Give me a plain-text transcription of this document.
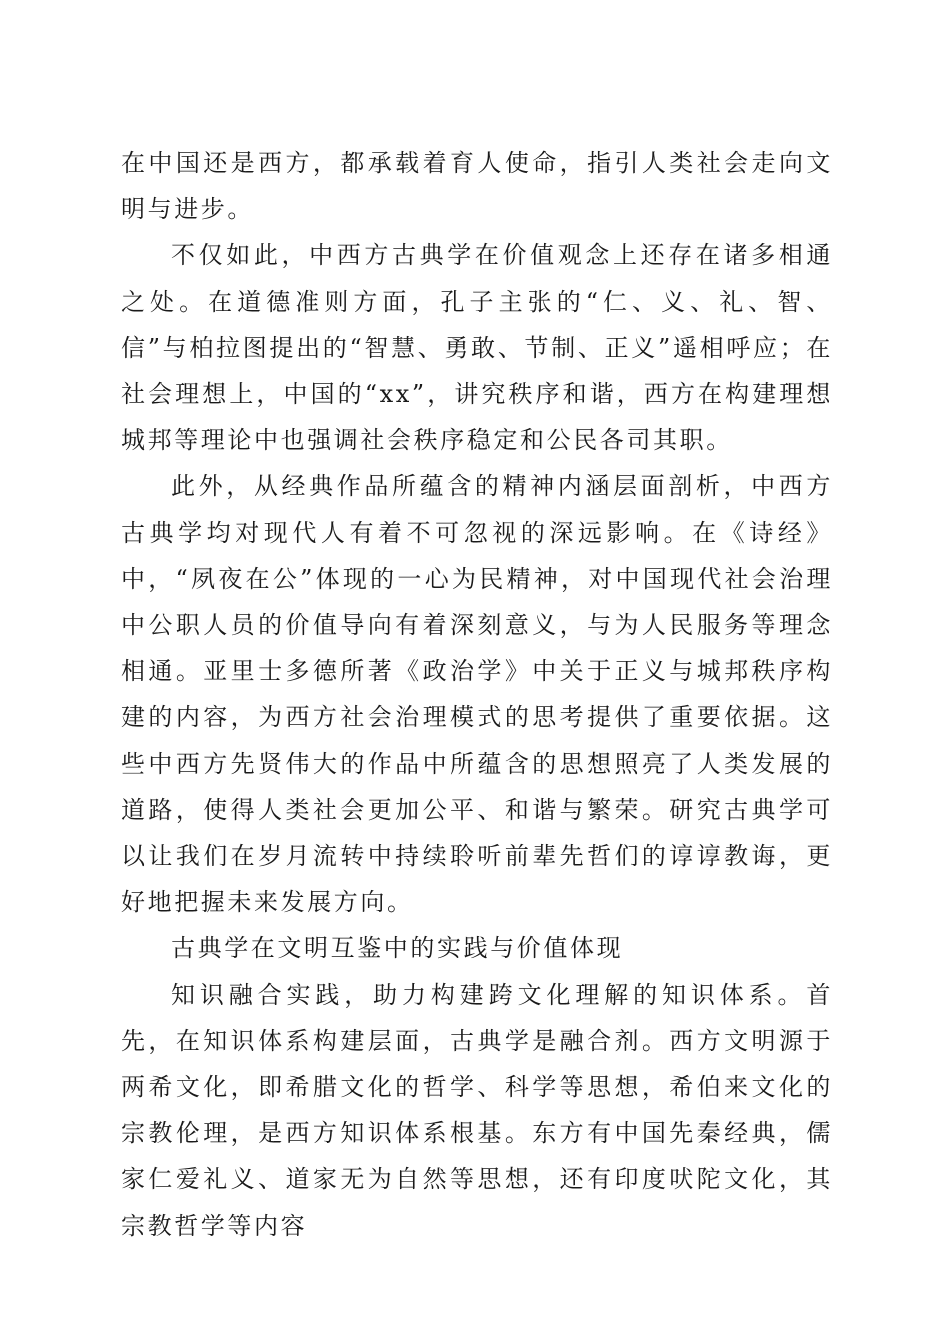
在中国还是西方，都承载着育人使命，指引人类社会走向文明与进步。

不仅如此，中西方古典学在价值观念上还存在诸多相通之处。在道德准则方面，孔子主张的“仁、义、礼、智、信”与柏拉图提出的“智慧、勇敢、节制、正义”遥相呼应；在社会理想上，中国的“xx”，讲究秩序和谐，西方在构建理想城邦等理论中也强调社会秩序稳定和公民各司其职。

此外，从经典作品所蕴含的精神内涵层面剖析，中西方古典学均对现代人有着不可忽视的深远影响。在《诗经》中，“夙夜在公”体现的一心为民精神，对中国现代社会治理中公职人员的价值导向有着深刻意义，与为人民服务等理念相通。亚里士多德所著《政治学》中关于正义与城邦秩序构建的内容，为西方社会治理模式的思考提供了重要依据。这些中西方先贤伟大的作品中所蕴含的思想照亮了人类发展的道路，使得人类社会更加公平、和谐与繁荣。研究古典学可以让我们在岁月流转中持续聆听前辈先哲们的谆谆教诲，更好地把握未来发展方向。

古典学在文明互鉴中的实践与价值体现

知识融合实践，助力构建跨文化理解的知识体系。首先，在知识体系构建层面，古典学是融合剂。西方文明源于两希文化，即希腊文化的哲学、科学等思想，希伯来文化的宗教伦理，是西方知识体系根基。东方有中国先秦经典，儒家仁爱礼义、道家无为自然等思想，还有印度吠陀文化，其宗教哲学等内容
